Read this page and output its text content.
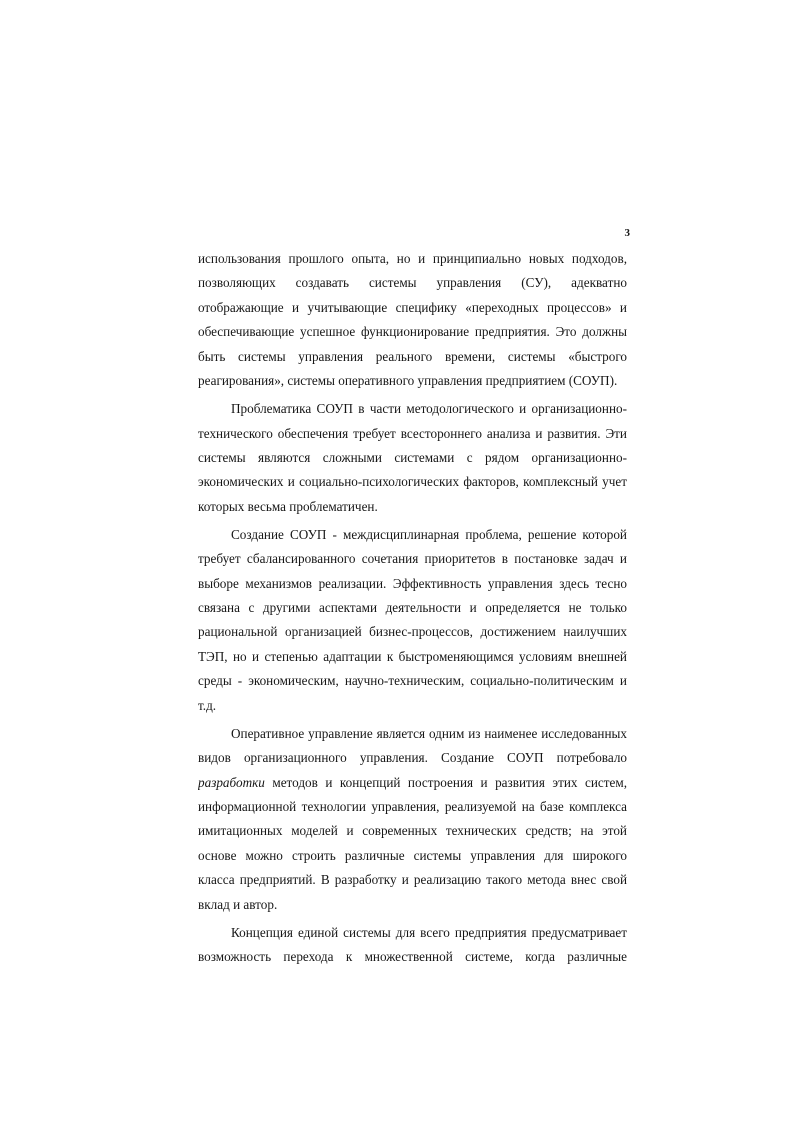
3
использования прошлого опыта, но и принципиально новых подходов,
позволяющих создавать системы управления (СУ), адекватно
отображающие и учитывающие специфику «переходных процессов» и
обеспечивающие успешное функционирование предприятия. Это должны
быть системы управления реального времени, системы «быстрого
реагирования», системы оперативного управления предприятием (СОУП).
Проблематика СОУП в части методологического и организационно-
технического обеспечения требует всестороннего анализа и развития. Эти
системы являются сложными системами с рядом организационно-
экономических и социально-психологических факторов, комплексный учет
которых весьма проблематичен.
Создание СОУП - междисциплинарная проблема, решение которой
требует сбалансированного сочетания приоритетов в постановке задач и
выборе механизмов реализации. Эффективность управления здесь тесно
связана с другими аспектами деятельности и определяется не только
рациональной организацией бизнес-процессов, достижением наилучших
ТЭП, но и степенью адаптации к быстроменяющимся условиям внешней
среды - экономическим, научно-техническим, социально-политическим и
т.д.
Оперативное управление является одним из наименее исследованных
видов организационного управления. Создание СОУП потребовало
разработки методов и концепций построения и развития этих систем,
информационной технологии управления, реализуемой на базе комплекса
имитационных моделей и современных технических средств; на этой
основе можно строить различные системы управления для широкого
класса предприятий. В разработку и реализацию такого метода внес свой
вклад и автор.
Концепция единой системы для всего предприятия предусматривает
возможность перехода к множественной системе, когда различные
